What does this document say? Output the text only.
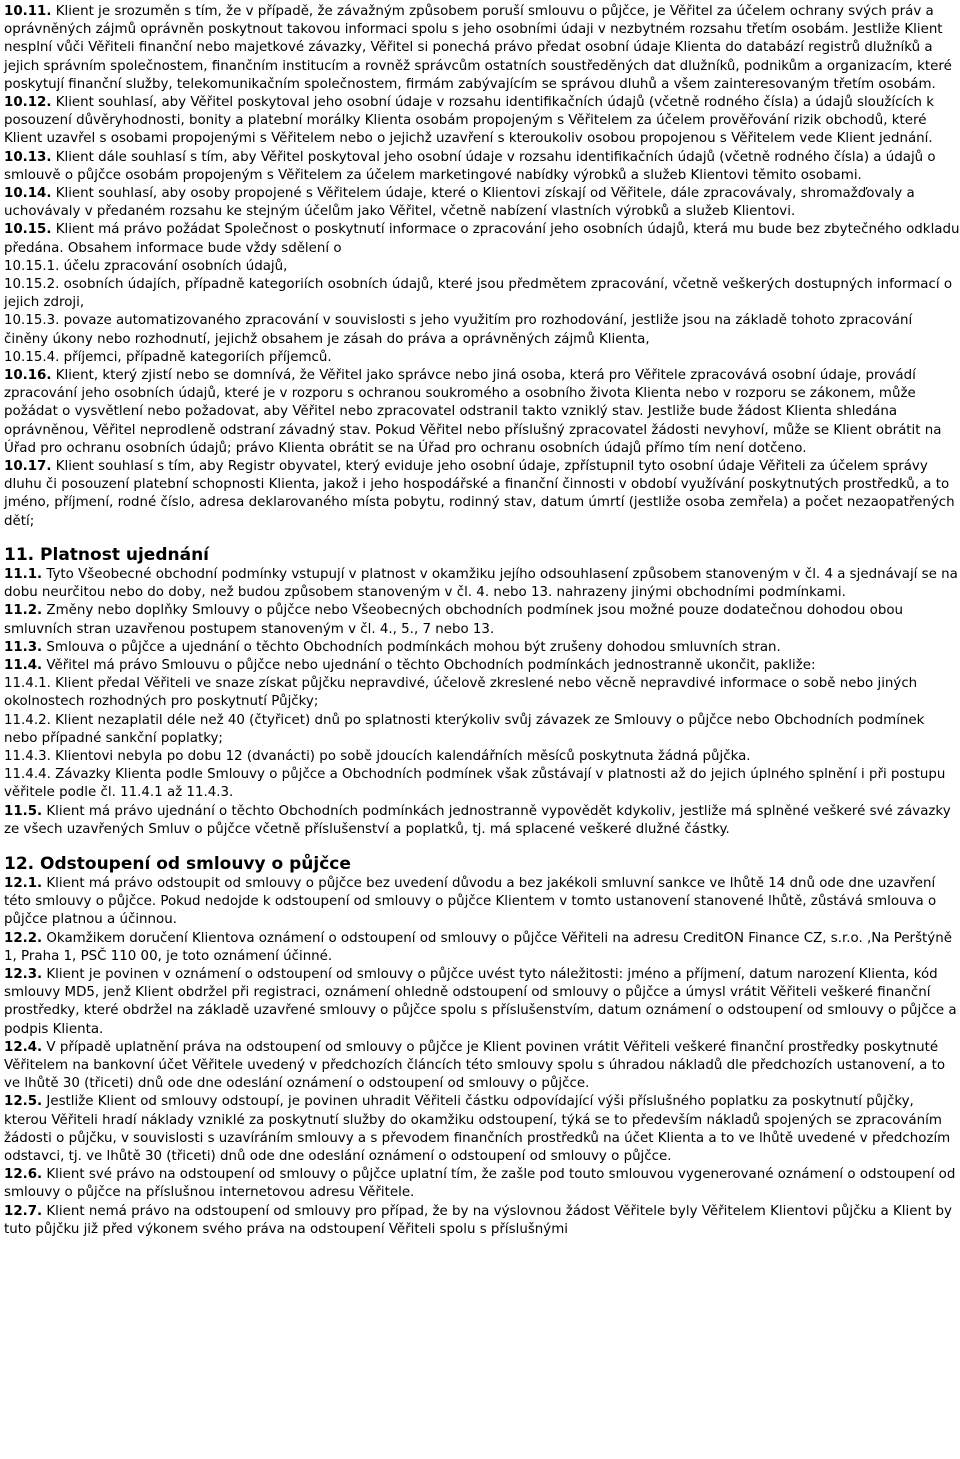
10.11. Klient je srozuměn s tím, že v případě, že závažným způsobem poruší smlouvu o půjčce, je Věřitel za účelem ochrany svých práv a oprávněných zájmů oprávněn poskytnout takovou informaci spolu s jeho osobními údaji v nezbytném rozsahu třetím osobám. Jestliže Klient nesplní vůči Věřiteli finanční nebo majetkové závazky, Věřitel si ponechá právo předat osobní údaje Klienta do databází registrů dlužníků a jejich správním společnostem, finančním institucím a rovněž správcům ostatních soustředěných dat dlužníků, podnikům a organizacím, které poskytují finanční služby, telekomunikačním společnostem, firmám zabývajícím se správou dluhů a všem zainteresovaným třetím osobám.

10.12. Klient souhlasí, aby Věřitel poskytoval jeho osobní údaje v rozsahu identifikačních údajů (včetně rodného čísla) a údajů sloužících k posouzení důvěryhodnosti, bonity a platební morálky Klienta osobám propojeným s Věřitelem za účelem prověřování rizik obchodů, které Klient uzavřel s osobami propojenými s Věřitelem nebo o jejichž uzavření s kteroukoliv osobou propojenou s Věřitelem vede Klient jednání.

10.13. Klient dále souhlasí s tím, aby Věřitel poskytoval jeho osobní údaje v rozsahu identifikačních údajů (včetně rodného čísla) a údajů o smlouvě o půjčce osobám propojeným s Věřitelem za účelem marketingové nabídky výrobků a služeb Klientovi těmito osobami.

10.14. Klient souhlasí, aby osoby propojené s Věřitelem údaje, které o Klientovi získají od Věřitele, dále zpracovávaly, shromažďovaly a uchovávaly v předaném rozsahu ke stejným účelům jako Věřitel, včetně nabízení vlastních výrobků a služeb Klientovi.

10.15. Klient má právo požádat Společnost o poskytnutí informace o zpracování jeho osobních údajů, která mu bude bez zbytečného odkladu předána. Obsahem informace bude vždy sdělení o

10.15.1. účelu zpracování osobních údajů,

10.15.2. osobních údajích, případně kategoriích osobních údajů, které jsou předmětem zpracování, včetně veškerých dostupných informací o jejich zdroji,

10.15.3. povaze automatizovaného zpracování v souvislosti s jeho využitím pro rozhodování, jestliže jsou na základě tohoto zpracování činěny úkony nebo rozhodnutí, jejichž obsahem je zásah do práva a oprávněných zájmů Klienta,

10.15.4. příjemci, případně kategoriích příjemců.

10.16. Klient, který zjistí nebo se domnívá, že Věřitel jako správce nebo jiná osoba, která pro Věřitele zpracovává osobní údaje, provádí zpracování jeho osobních údajů, které je v rozporu s ochranou soukromého a osobního života Klienta nebo v rozporu se zákonem, může požádat o vysvětlení nebo požadovat, aby Věřitel nebo zpracovatel odstranil takto vzniklý stav. Jestliže bude žádost Klienta shledána oprávněnou, Věřitel neprodleně odstraní závadný stav. Pokud Věřitel nebo příslušný zpracovatel žádosti nevyhoví, může se Klient obrátit na Úřad pro ochranu osobních údajů; právo Klienta obrátit se na Úřad pro ochranu osobních údajů přímo tím není dotčeno.

10.17. Klient souhlasí s tím, aby Registr obyvatel, který eviduje jeho osobní údaje, zpřístupnil tyto osobní údaje Věřiteli za účelem správy dluhu či posouzení platební schopnosti Klienta, jakož i jeho hospodářské a finanční činnosti v období využívání poskytnutých prostředků, a to jméno, příjmení, rodné číslo, adresa deklarovaného místa pobytu, rodinný stav, datum úmrtí (jestliže osoba zemřela) a počet nezaopatřených dětí;

11. Platnost ujednání

11.1. Tyto Všeobecné obchodní podmínky vstupují v platnost v okamžiku jejího odsouhlasení způsobem stanoveným v čl. 4 a sjednávají se na dobu neurčitou nebo do doby, než budou způsobem stanoveným v čl. 4. nebo 13. nahrazeny jinými obchodními podmínkami.

11.2. Změny nebo doplňky Smlouvy o půjčce nebo Všeobecných obchodních podmínek jsou možné pouze dodatečnou dohodou obou smluvních stran uzavřenou postupem stanoveným v čl. 4., 5., 7 nebo 13.

11.3. Smlouva o půjčce a ujednání o těchto Obchodních podmínkách mohou být zrušeny dohodou smluvních stran.

11.4. Věřitel má právo Smlouvu o půjčce nebo ujednání o těchto Obchodních podmínkách jednostranně ukončit, pakliže:

11.4.1. Klient předal Věřiteli ve snaze získat půjčku nepravdivé, účelově zkreslené nebo věcně nepravdivé informace o sobě nebo jiných okolnostech rozhodných pro poskytnutí Půjčky;

11.4.2. Klient nezaplatil déle než 40 (čtyřicet) dnů po splatnosti kterýkoliv svůj závazek ze Smlouvy o půjčce nebo Obchodních podmínek nebo případné sankční poplatky;

11.4.3. Klientovi nebyla po dobu 12 (dvanácti) po sobě jdoucích kalendářních měsíců poskytnuta žádná půjčka.

11.4.4. Závazky Klienta podle Smlouvy o půjčce a Obchodních podmínek však zůstávají v platnosti až do jejich úplného splnění i při postupu věřitele podle čl. 11.4.1 až 11.4.3.

11.5. Klient má právo ujednání o těchto Obchodních podmínkách jednostranně vypovědět kdykoliv, jestliže má splněné veškeré své závazky ze všech uzavřených Smluv o půjčce včetně příslušenství a poplatků, tj. má splacené veškeré dlužné částky.

12. Odstoupení od smlouvy o půjčce

12.1. Klient má právo odstoupit od smlouvy o půjčce bez uvedení důvodu a bez jakékoli smluvní sankce ve lhůtě 14 dnů ode dne uzavření této smlouvy o půjčce. Pokud nedojde k odstoupení od smlouvy o půjčce Klientem v tomto ustanovení stanovené lhůtě, zůstává smlouva o půjčce platnou a účinnou.

12.2. Okamžikem doručení Klientova oznámení o odstoupení od smlouvy o půjčce Věřiteli na adresu CreditON Finance CZ, s.r.o. ,Na Perštýně 1, Praha 1, PSČ 110 00, je toto oznámení účinné.

12.3. Klient je povinen v oznámení o odstoupení od smlouvy o půjčce uvést tyto náležitosti: jméno a příjmení, datum narození Klienta, kód smlouvy MD5, jenž Klient obdržel při registraci, oznámení ohledně odstoupení od smlouvy o půjčce a úmysl vrátit Věřiteli veškeré finanční prostředky, které obdržel na základě uzavřené smlouvy o půjčce spolu s příslušenstvím, datum oznámení o odstoupení od smlouvy o půjčce a podpis Klienta.

12.4. V případě uplatnění práva na odstoupení od smlouvy o půjčce je Klient povinen vrátit Věřiteli veškeré finanční prostředky poskytnuté Věřitelem na bankovní účet Věřitele uvedený v předchozích článcích této smlouvy spolu s úhradou nákladů dle předchozích ustanovení, a to ve lhůtě 30 (třiceti) dnů ode dne odeslání oznámení o odstoupení od smlouvy o půjčce.

12.5. Jestliže Klient od smlouvy odstoupí, je povinen uhradit Věřiteli částku odpovídající výši příslušného poplatku za poskytnutí půjčky, kterou Věřiteli hradí náklady vzniklé za poskytnutí služby do okamžiku odstoupení, týká se to především nákladů spojených se zpracováním žádosti o půjčku, v souvislosti s uzavíráním smlouvy a s převodem finančních prostředků na účet Klienta a to ve lhůtě uvedené v předchozím odstavci, tj. ve lhůtě 30 (třiceti) dnů ode dne odeslání oznámení o odstoupení od smlouvy o půjčce.

12.6. Klient své právo na odstoupení od smlouvy o půjčce uplatní tím, že zašle pod touto smlouvou vygenerované oznámení o odstoupení od smlouvy o půjčce na příslušnou internetovou adresu Věřitele.

12.7. Klient nemá právo na odstoupení od smlouvy pro případ, že by na výslovnou žádost Věřitele byly Věřitelem Klientovi půjčku a Klient by tuto půjčku již před výkonem svého práva na odstoupení Věřiteli spolu s příslušnými
